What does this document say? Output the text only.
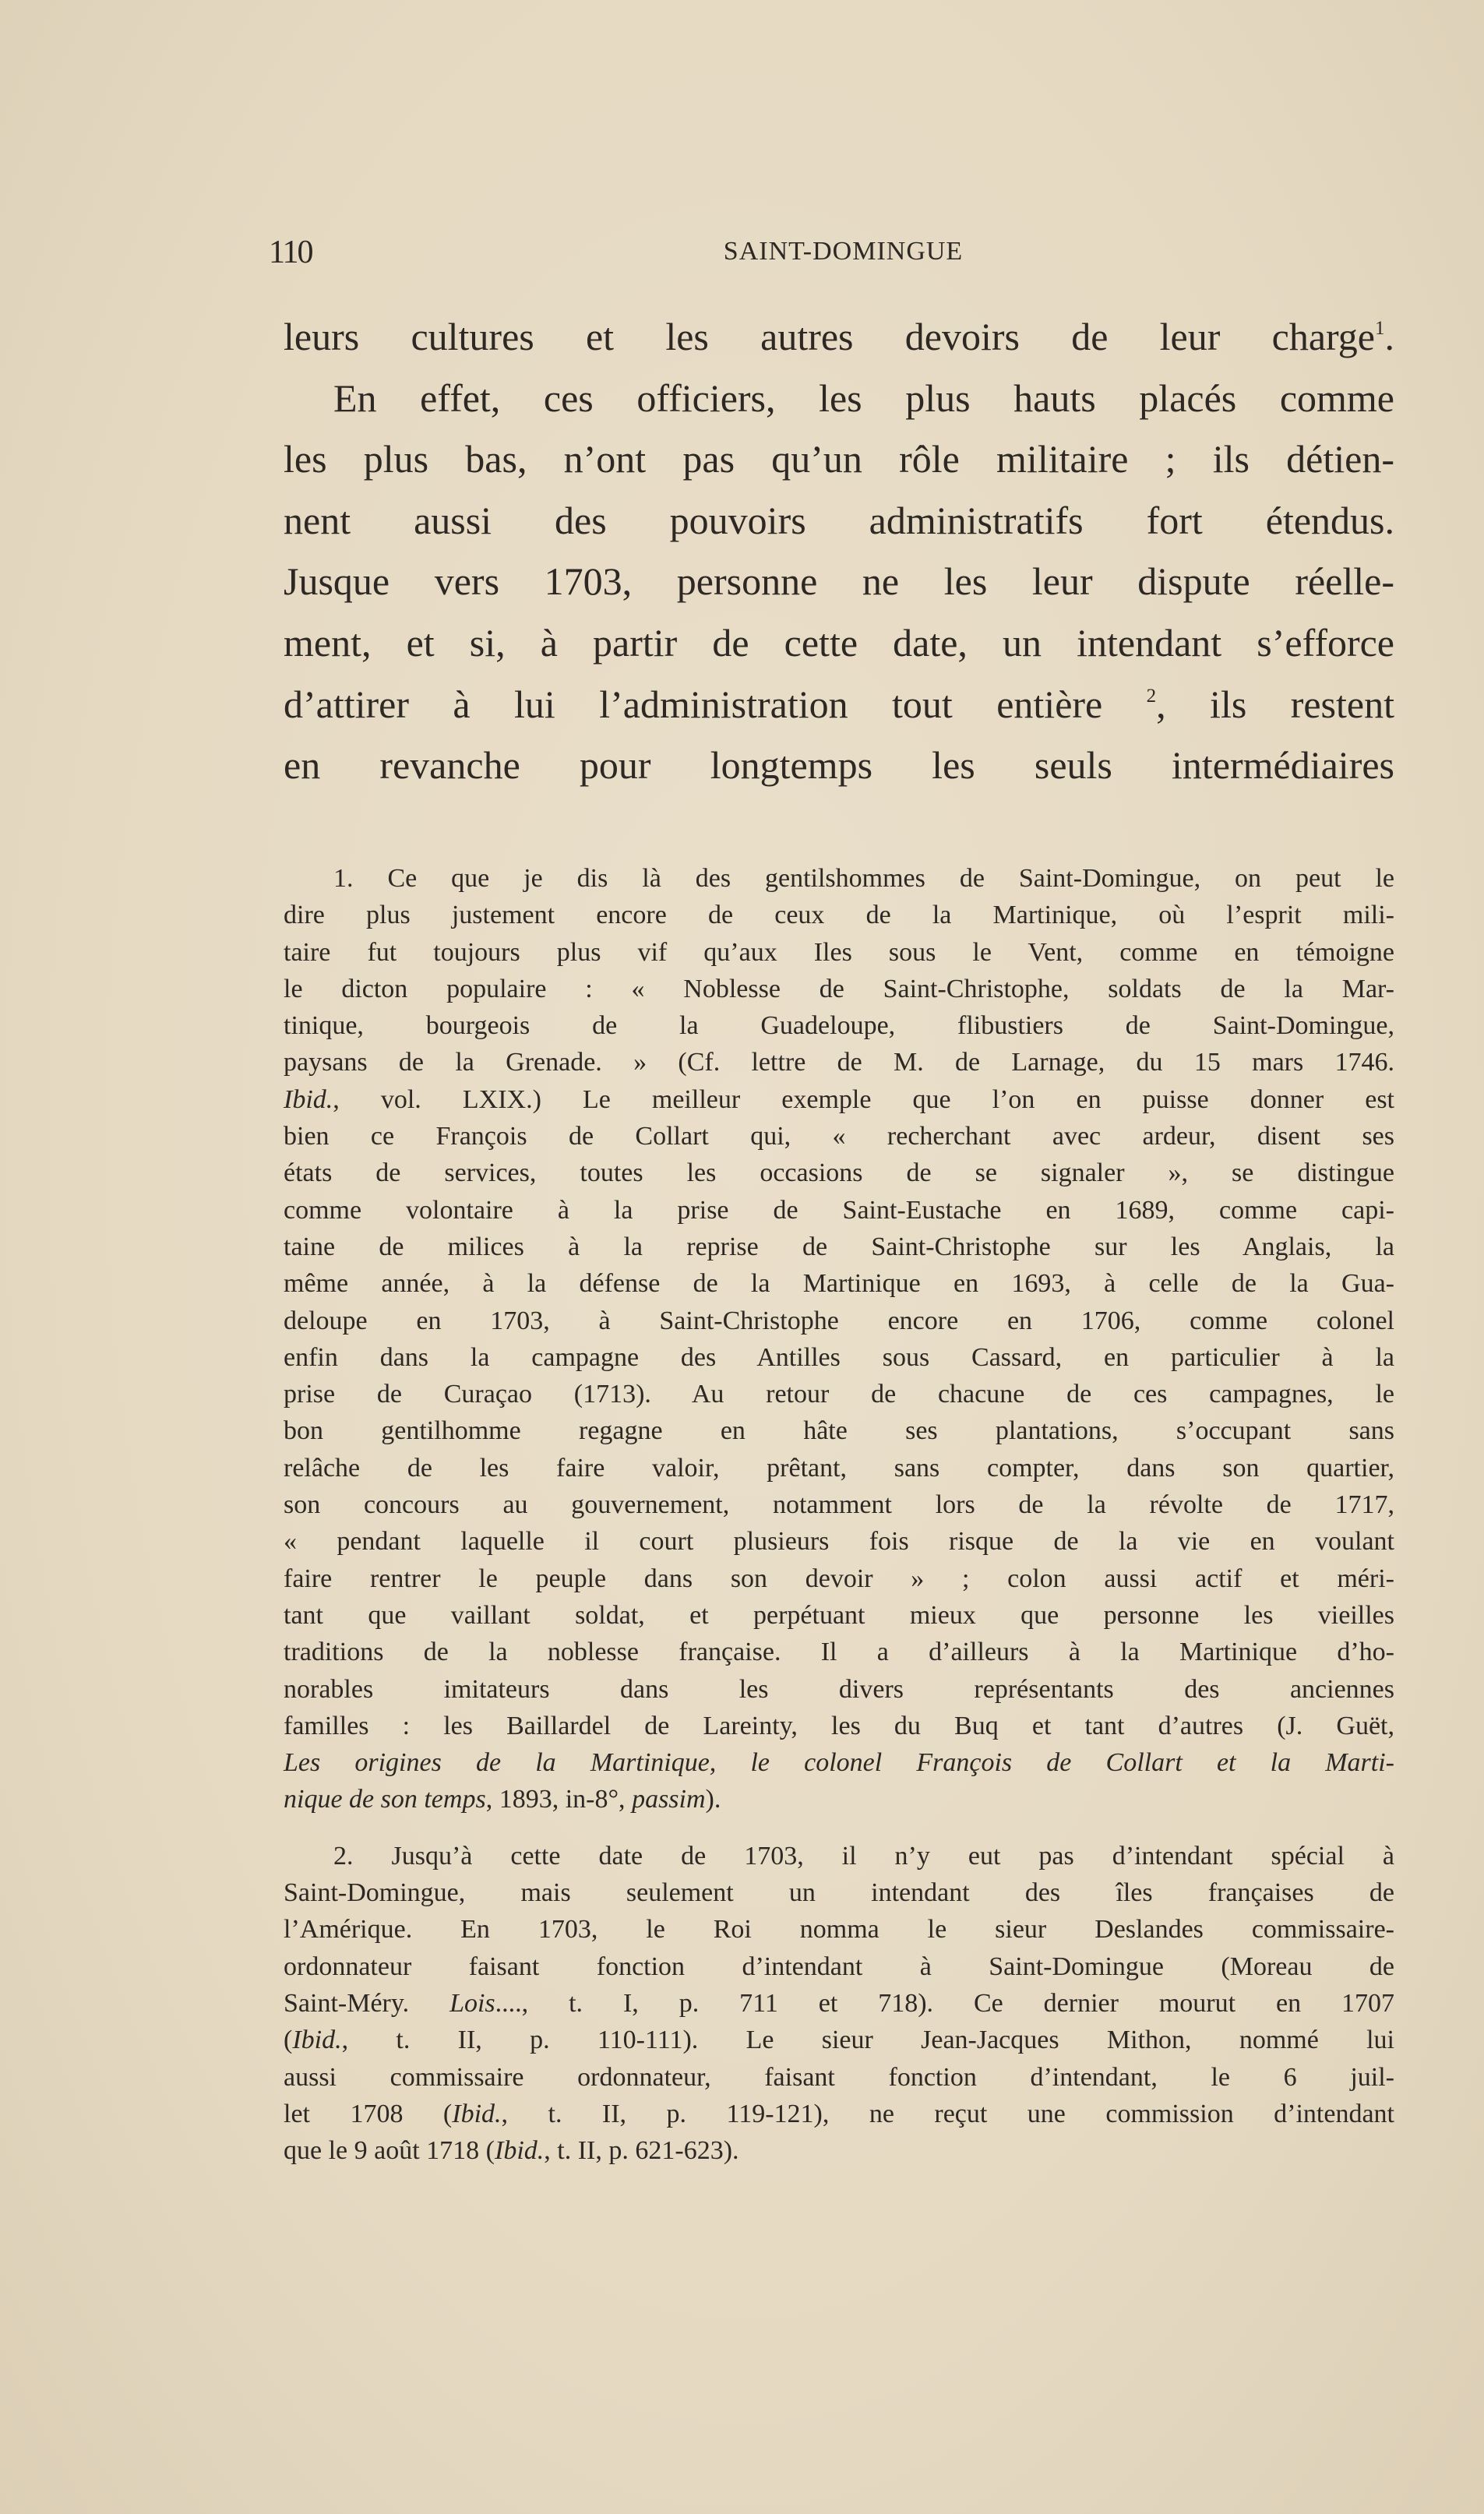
110	SAINT-DOMINGUE
leurs cultures et les autres devoirs de leur charge$^1$.
En effet, ces officiers, les plus hauts placés comme
les plus bas, n’ont pas qu’un rôle militaire ; ils détien-
nent aussi des pouvoirs administratifs fort étendus.
Jusque vers 1703, personne ne les leur dispute réelle-
ment, et si, à partir de cette date, un intendant s’efforce
d’attirer à lui l’administration tout entière $^2$, ils restent
en revanche pour longtemps les seuls intermédiaires
1. Ce que je dis là des gentilshommes de Saint-Domingue, on peut le
dire plus justement encore de ceux de la Martinique, où l’esprit mili-
taire fut toujours plus vif qu’aux Iles sous le Vent, comme en témoigne
le dicton populaire : « Noblesse de Saint-Christophe, soldats de la Mar-
tinique, bourgeois de la Guadeloupe, flibustiers de Saint-Domingue,
paysans de la Grenade. » (Cf. lettre de M. de Larnage, du 15 mars 1746.
Ibid., vol. LXIX.) Le meilleur exemple que l’on en puisse donner est
bien ce François de Collart qui, « recherchant avec ardeur, disent ses
états de services, toutes les occasions de se signaler », se distingue
comme volontaire à la prise de Saint-Eustache en 1689, comme capi-
taine de milices à la reprise de Saint-Christophe sur les Anglais, la
même année, à la défense de la Martinique en 1693, à celle de la Gua-
deloupe en 1703, à Saint-Christophe encore en 1706, comme colonel
enfin dans la campagne des Antilles sous Cassard, en particulier à la
prise de Curaçao (1713). Au retour de chacune de ces campagnes, le
bon gentilhomme regagne en hâte ses plantations, s’occupant sans
relâche de les faire valoir, prêtant, sans compter, dans son quartier,
son concours au gouvernement, notamment lors de la révolte de 1717,
« pendant laquelle il court plusieurs fois risque de la vie en voulant
faire rentrer le peuple dans son devoir » ; colon aussi actif et méri-
tant que vaillant soldat, et perpétuant mieux que personne les vieilles
traditions de la noblesse française. Il a d’ailleurs à la Martinique d’ho-
norables imitateurs dans les divers représentants des anciennes
familles : les Baillardel de Lareinty, les du Buq et tant d’autres (J. Guët,
Les origines de la Martinique, le colonel François de Collart et la Marti-
nique de son temps, 1893, in-8°, passim).
2. Jusqu’à cette date de 1703, il n’y eut pas d’intendant spécial à
Saint-Domingue, mais seulement un intendant des îles françaises de
l’Amérique. En 1703, le Roi nomma le sieur Deslandes commissaire-
ordonnateur faisant fonction d’intendant à Saint-Domingue (Moreau de
Saint-Méry. Lois...., t. I, p. 711 et 718). Ce dernier mourut en 1707
(Ibid., t. II, p. 110-111). Le sieur Jean-Jacques Mithon, nommé lui
aussi commissaire ordonnateur, faisant fonction d’intendant, le 6 juil-
let 1708 (Ibid., t. II, p. 119-121), ne reçut une commission d’intendant
que le 9 août 1718 (Ibid., t. II, p. 621-623).
